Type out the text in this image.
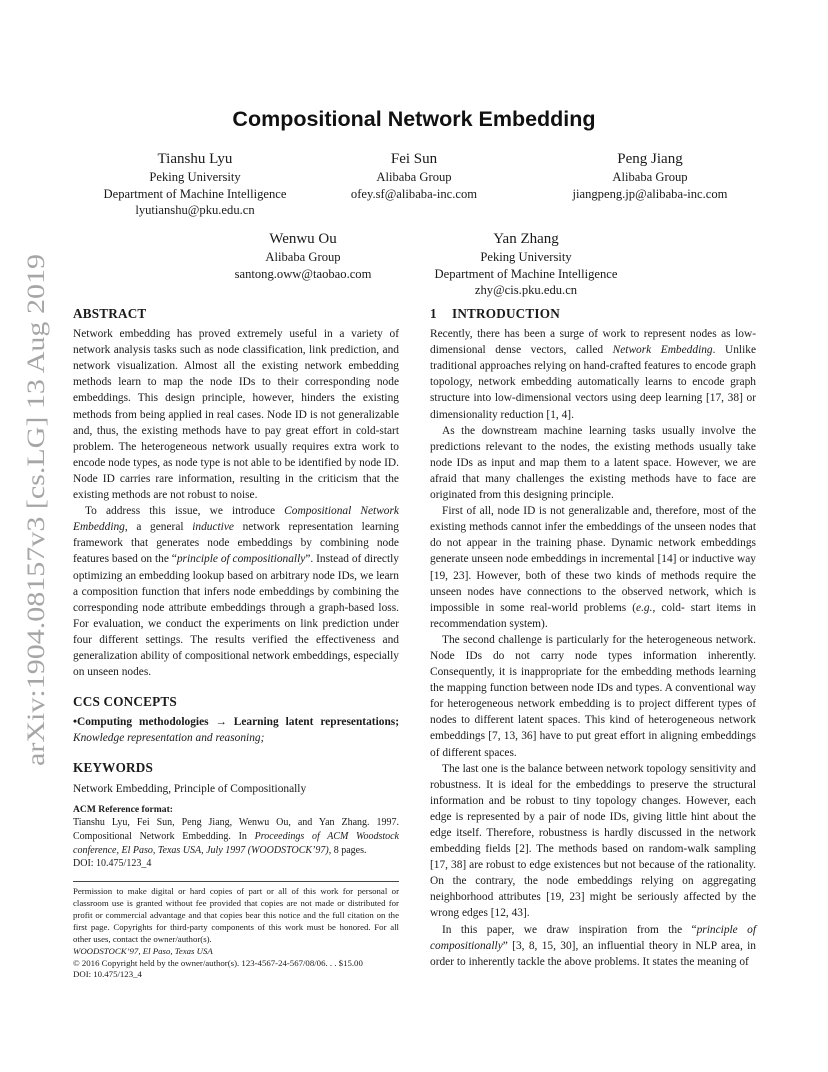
arXiv:1904.08157v3 [cs.LG] 13 Aug 2019
Compositional Network Embedding
Tianshu Lyu
Peking University
Department of Machine Intelligence
lyutianshu@pku.edu.cn
Fei Sun
Alibaba Group
ofey.sf@alibaba-inc.com
Peng Jiang
Alibaba Group
jiangpeng.jp@alibaba-inc.com
Wenwu Ou
Alibaba Group
santong.oww@taobao.com
Yan Zhang
Peking University
Department of Machine Intelligence
zhy@cis.pku.edu.cn
ABSTRACT

Network embedding has proved extremely useful in a variety of network analysis tasks such as node classification, link prediction, and network visualization. Almost all the existing network embedding methods learn to map the node IDs to their corresponding node embeddings. This design principle, however, hinders the existing methods from being applied in real cases. Node ID is not generalizable and, thus, the existing methods have to pay great effort in cold-start problem. The heterogeneous network usually requires extra work to encode node types, as node type is not able to be identified by node ID. Node ID carries rare information, resulting in the criticism that the existing methods are not robust to noise.

To address this issue, we introduce Compositional Network Embedding, a general inductive network representation learning framework that generates node embeddings by combining node features based on the “principle of compositionally”. Instead of directly optimizing an embedding lookup based on arbitrary node IDs, we learn a composition function that infers node embeddings by combining the corresponding node attribute embeddings through a graph-based loss. For evaluation, we conduct the experiments on link prediction under four different settings. The results verified the effectiveness and generalization ability of compositional network embeddings, especially on unseen nodes.

CCS CONCEPTS

•Computing methodologies → Learning latent representations; Knowledge representation and reasoning;

KEYWORDS

Network Embedding, Principle of Compositionally

ACM Reference format:

Tianshu Lyu, Fei Sun, Peng Jiang, Wenwu Ou, and Yan Zhang. 1997. Compositional Network Embedding. In Proceedings of ACM Woodstock conference, El Paso, Texas USA, July 1997 (WOODSTOCK’97), 8 pages.

DOI: 10.475/123_4

Permission to make digital or hard copies of part or all of this work for personal or classroom use is granted without fee provided that copies are not made or distributed for profit or commercial advantage and that copies bear this notice and the full citation on the first page. Copyrights for third-party components of this work must be honored. For all other uses, contact the owner/author(s).

WOODSTOCK’97, El Paso, Texas USA

© 2016 Copyright held by the owner/author(s). 123-4567-24-567/08/06. . . $15.00

DOI: 10.475/123_4

1 INTRODUCTION

Recently, there has been a surge of work to represent nodes as low-dimensional dense vectors, called Network Embedding. Unlike traditional approaches relying on hand-crafted features to encode graph topology, network embedding automatically learns to encode graph structure into low-dimensional vectors using deep learning [17, 38] or dimensionality reduction [1, 4].

As the downstream machine learning tasks usually involve the predictions relevant to the nodes, the existing methods usually take node IDs as input and map them to a latent space. However, we are afraid that many challenges the existing methods have to face are originated from this designing principle.

First of all, node ID is not generalizable and, therefore, most of the existing methods cannot infer the embeddings of the unseen nodes that do not appear in the training phase. Dynamic network embeddings generate unseen node embeddings in incremental [14] or inductive way [19, 23]. However, both of these two kinds of methods require the unseen nodes have connections to the observed network, which is impossible in some real-world problems (e.g., cold- start items in recommendation system).

The second challenge is particularly for the heterogeneous network. Node IDs do not carry node types information inherently. Consequently, it is inappropriate for the embedding methods learning the mapping function between node IDs and types. A conventional way for heterogeneous network embedding is to project different types of nodes to different latent spaces. This kind of heterogeneous network embeddings [7, 13, 36] have to put great effort in aligning embeddings of different spaces.

The last one is the balance between network topology sensitivity and robustness. It is ideal for the embeddings to preserve the structural information and be robust to tiny topology changes. However, each edge is represented by a pair of node IDs, giving little hint about the edge itself. Therefore, robustness is hardly discussed in the network embedding fields [2]. The methods based on random-walk sampling [17, 38] are robust to edge existences but not because of the rationality. On the contrary, the node embeddings relying on aggregating neighborhood attributes [19, 23] might be seriously affected by the wrong edges [12, 43].

In this paper, we draw inspiration from the “principle of compositionally” [3, 8, 15, 30], an influential theory in NLP area, in order to inherently tackle the above problems. It states the meaning of
